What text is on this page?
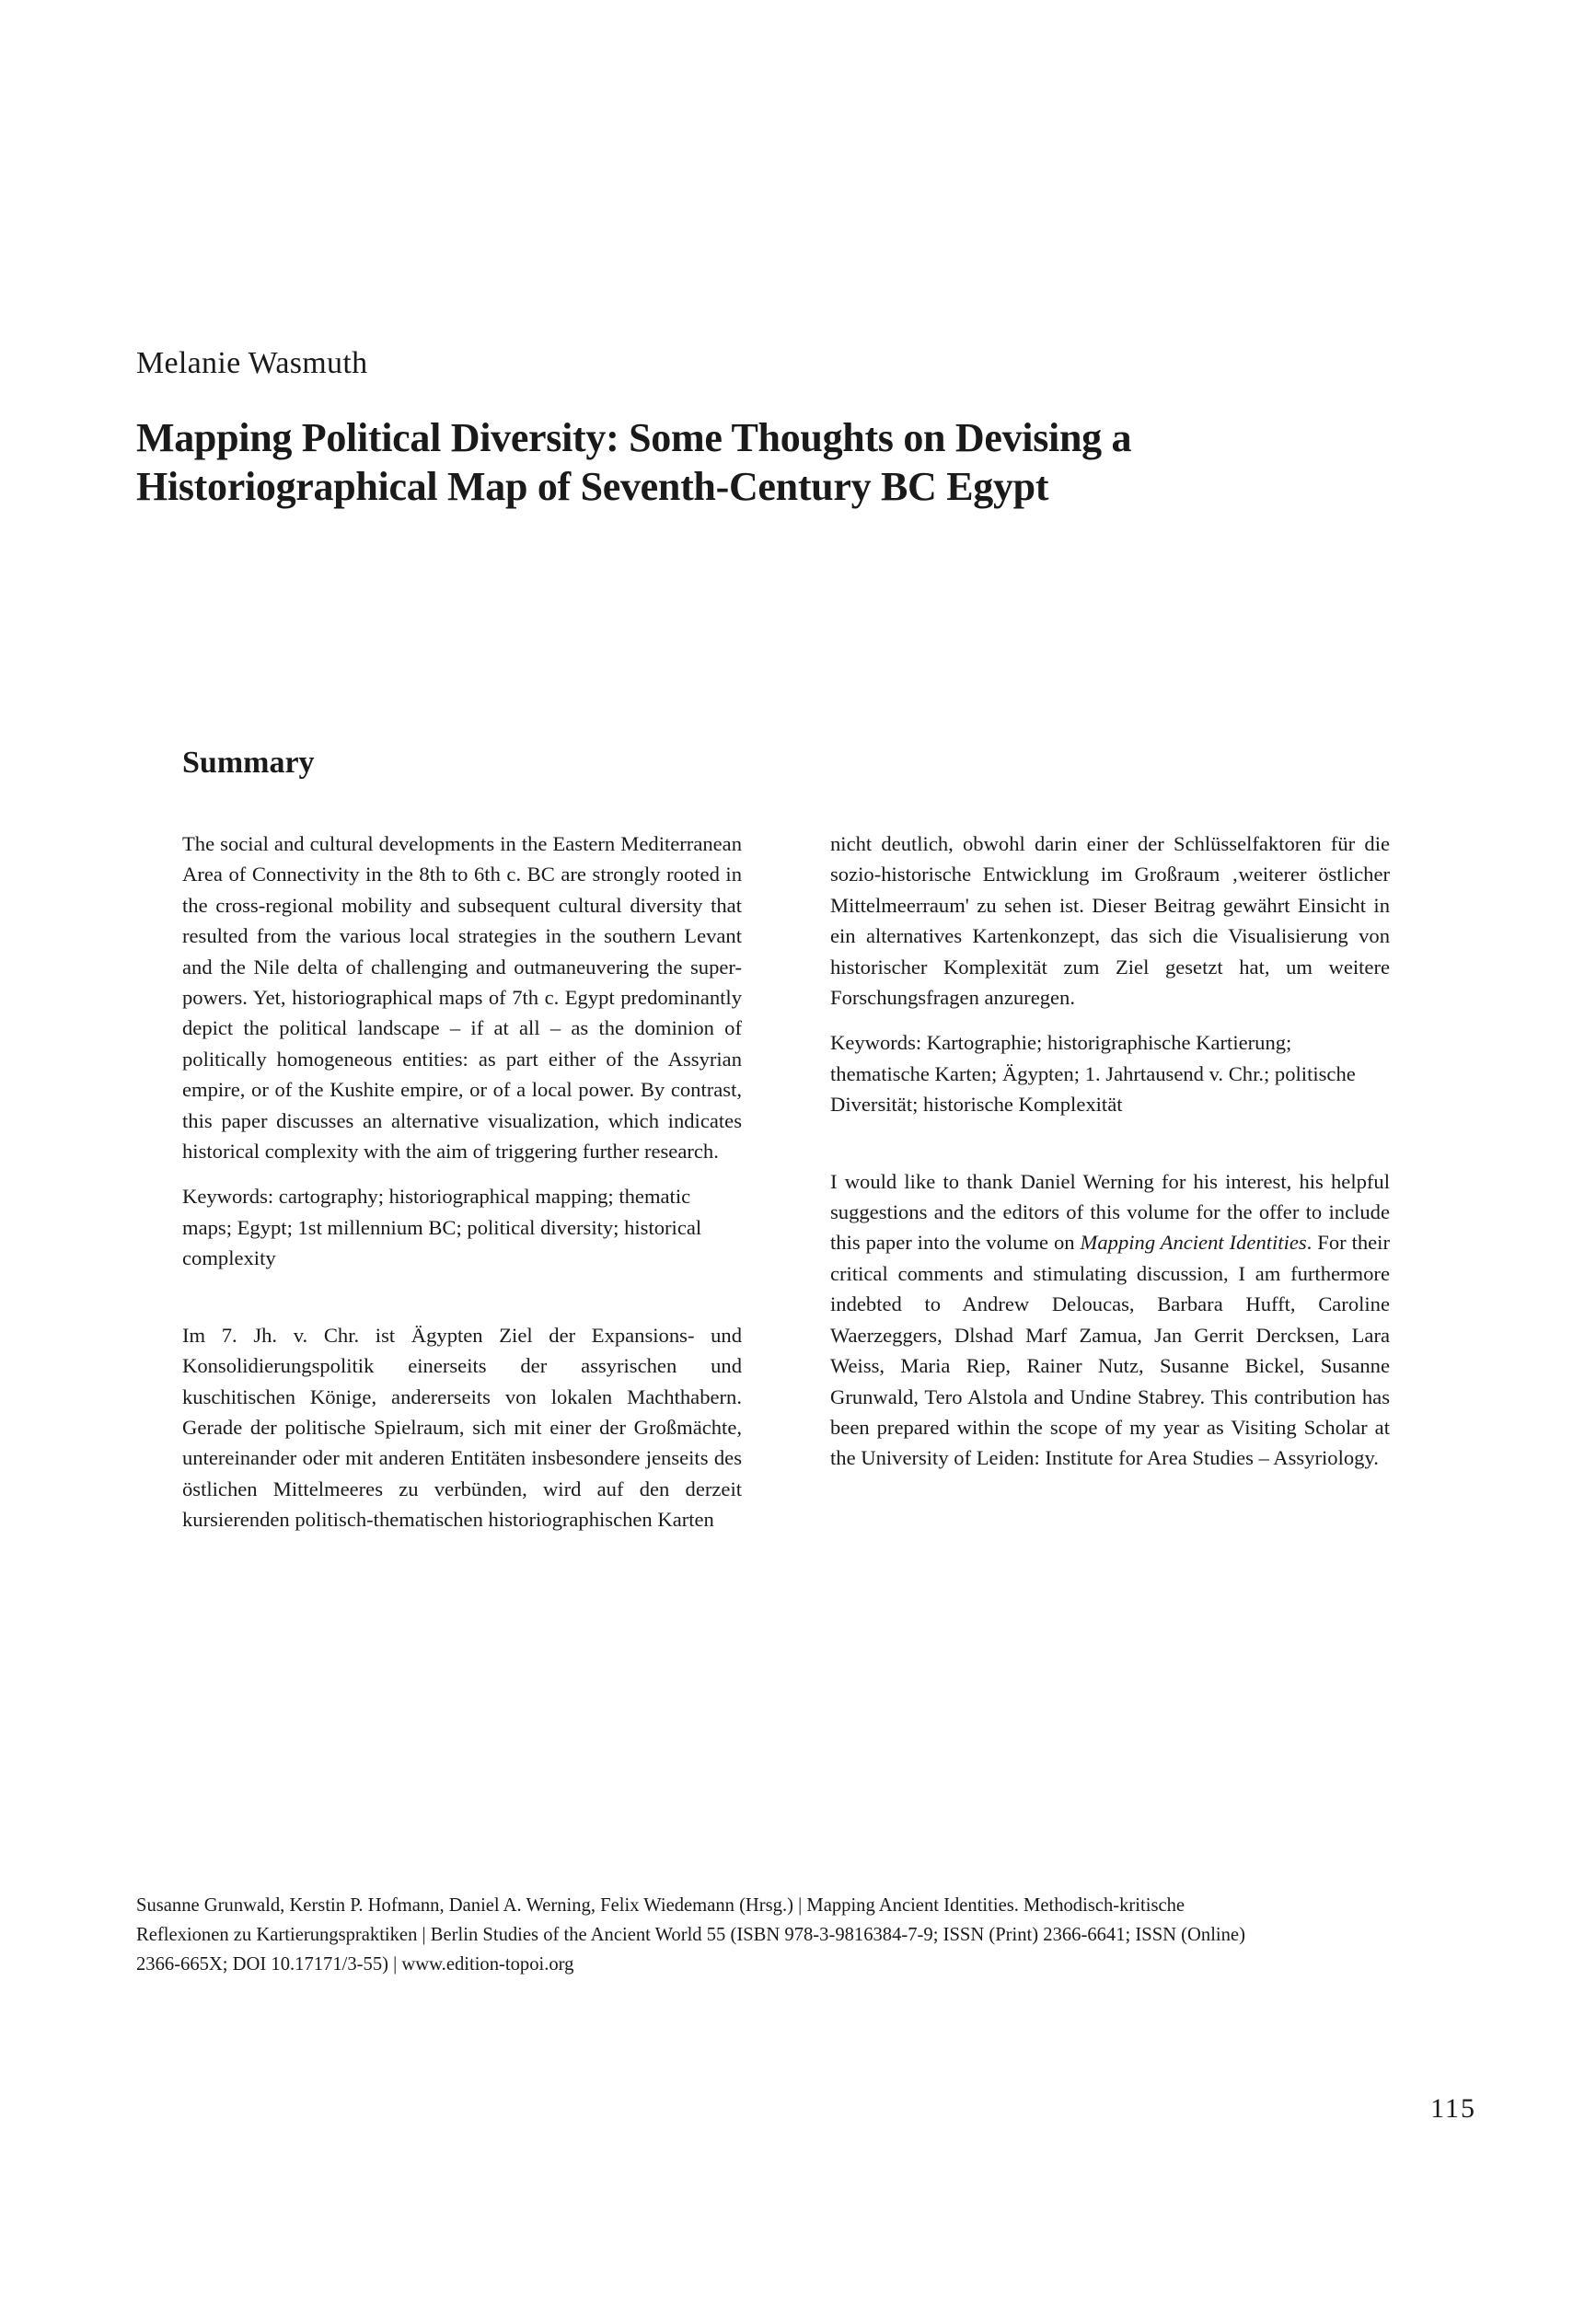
Melanie Wasmuth

Mapping Political Diversity: Some Thoughts on Devising a
Historiographical Map of Seventh-Century BC Egypt
Summary

The social and cultural developments in the Eastern Mediterranean Area of Connectivity in the 8th to 6th c. BC are strongly rooted in the cross-regional mobility and subsequent cultural diversity that resulted from the various local strategies in the southern Levant and the Nile delta of challenging and outmaneuvering the super-powers. Yet, historiographical maps of 7th c. Egypt predominantly depict the political landscape – if at all – as the dominion of politically homogeneous entities: as part either of the Assyrian empire, or of the Kushite empire, or of a local power. By contrast, this paper discusses an alternative visualization, which indicates historical complexity with the aim of triggering further research.

Keywords: cartography; historiographical mapping; thematic maps; Egypt; 1st millennium BC; political diversity; historical complexity

Im 7. Jh. v. Chr. ist Ägypten Ziel der Expansions- und Konsolidierungspolitik einerseits der assyrischen und kuschitischen Könige, andererseits von lokalen Machthabern. Gerade der politische Spielraum, sich mit einer der Großmächte, untereinander oder mit anderen Entitäten insbesondere jenseits des östlichen Mittelmeeres zu verbünden, wird auf den derzeit kursierenden politisch-thematischen historiographischen Karten

nicht deutlich, obwohl darin einer der Schlüsselfaktoren für die sozio-historische Entwicklung im Großraum ‚weiterer östlicher Mittelmeerraum' zu sehen ist. Dieser Beitrag gewährt Einsicht in ein alternatives Kartenkonzept, das sich die Visualisierung von historischer Komplexität zum Ziel gesetzt hat, um weitere Forschungsfragen anzuregen.

Keywords: Kartographie; historigraphische Kartierung; thematische Karten; Ägypten; 1. Jahrtausend v. Chr.; politische Diversität; historische Komplexität

I would like to thank Daniel Werning for his interest, his helpful suggestions and the editors of this volume for the offer to include this paper into the volume on Mapping Ancient Identities. For their critical comments and stimulating discussion, I am furthermore indebted to Andrew Deloucas, Barbara Hufft, Caroline Waerzeggers, Dlshad Marf Zamua, Jan Gerrit Dercksen, Lara Weiss, Maria Riep, Rainer Nutz, Susanne Bickel, Susanne Grunwald, Tero Alstola and Undine Stabrey. This contribution has been prepared within the scope of my year as Visiting Scholar at the University of Leiden: Institute for Area Studies – Assyriology.

Susanne Grunwald, Kerstin P. Hofmann, Daniel A. Werning, Felix Wiedemann (Hrsg.) | Mapping Ancient Identities. Methodisch-kritische
Reflexionen zu Kartierungspraktiken | Berlin Studies of the Ancient World 55 (ISBN 978-3-9816384-7-9; ISSN (Print) 2366-6641; ISSN (Online)
2366-665X; DOI 10.17171/3-55) | www.edition-topoi.org

115
